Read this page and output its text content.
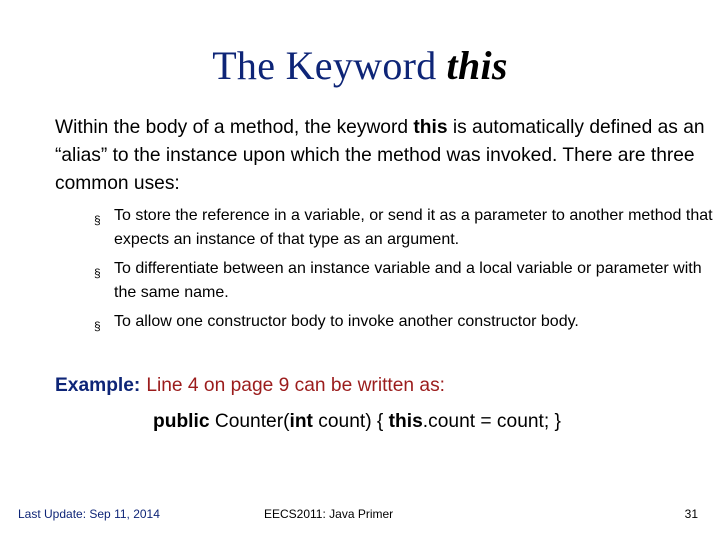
The Keyword this
Within the body of a method, the keyword this is automatically defined as an “alias” to the instance upon which the method was invoked. There are three common uses:
§ To store the reference in a variable, or send it as a parameter to another method that expects an instance of that type as an argument.
§ To differentiate between an instance variable and a local variable or parameter with the same name.
§ To allow one constructor body to invoke another constructor body.
Example: Line 4 on page 9 can be written as:
public Counter(int count) { this.count = count; }
Last Update: Sep 11, 2014	EECS2011: Java Primer	31
